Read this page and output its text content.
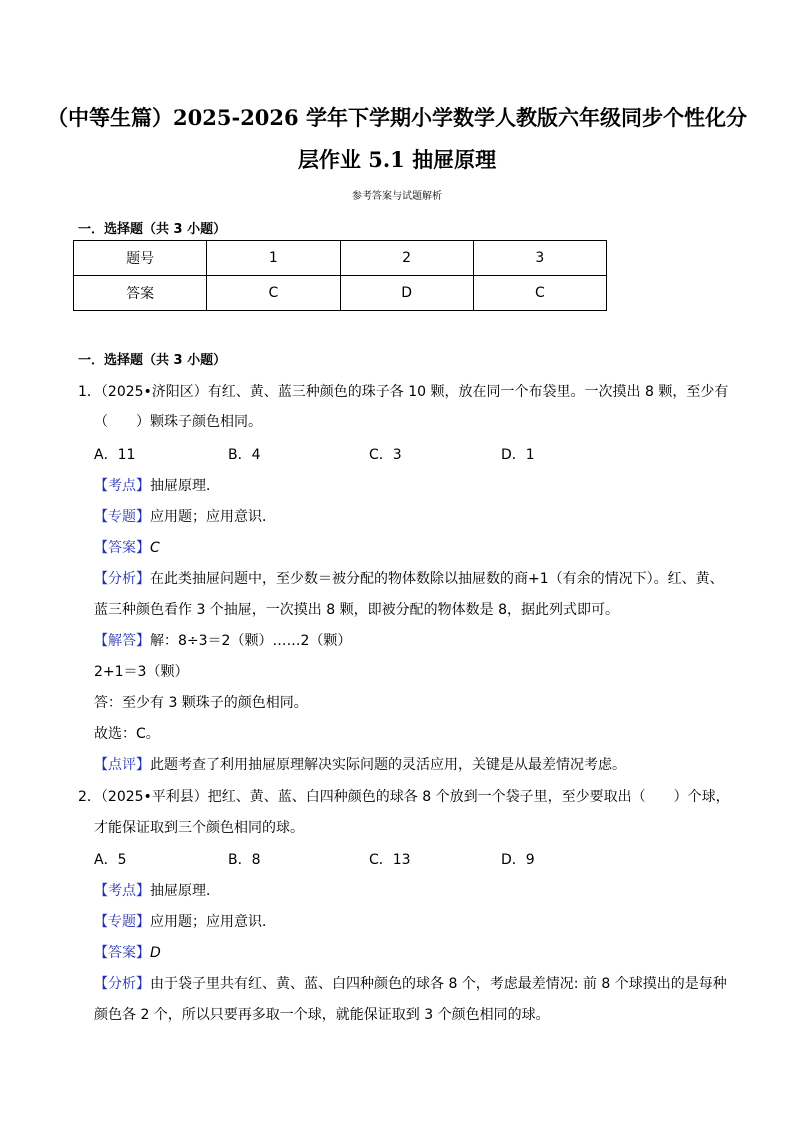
（中等生篇）2025-2026 学年下学期小学数学人教版六年级同步个性化分
层作业 5.1 抽屉原理
参考答案与试题解析
一．选择题（共 3 小题）
题号	1	2	3
答案	C	D	C
一．选择题（共 3 小题）
1．（2025•济阳区）有红、黄、蓝三种颜色的珠子各 10 颗，放在同一个布袋里。一次摸出 8 颗，至少有
（　　）颗珠子颜色相同。
A．11	B．4	C．3	D．1
【考点】抽屉原理．
【专题】应用题；应用意识．
【答案】C
【分析】在此类抽屉问题中，至少数＝被分配的物体数除以抽屉数的商+1（有余的情况下）。红、黄、
蓝三种颜色看作 3 个抽屉，一次摸出 8 颗，即被分配的物体数是 8，据此列式即可。
【解答】解：8÷3＝2（颗）……2（颗）
2+1＝3（颗）
答：至少有 3 颗珠子的颜色相同。
故选：C。
【点评】此题考查了利用抽屉原理解决实际问题的灵活应用，关键是从最差情况考虑。
2．（2025•平利县）把红、黄、蓝、白四种颜色的球各 8 个放到一个袋子里，至少要取出（　　）个球，
才能保证取到三个颜色相同的球。
A．5	B．8	C．13	D．9
【考点】抽屉原理．
【专题】应用题；应用意识．
【答案】D
【分析】由于袋子里共有红、黄、蓝、白四种颜色的球各 8 个，考虑最差情况: 前 8 个球摸出的是每种
颜色各 2 个，所以只要再多取一个球，就能保证取到 3 个颜色相同的球。
